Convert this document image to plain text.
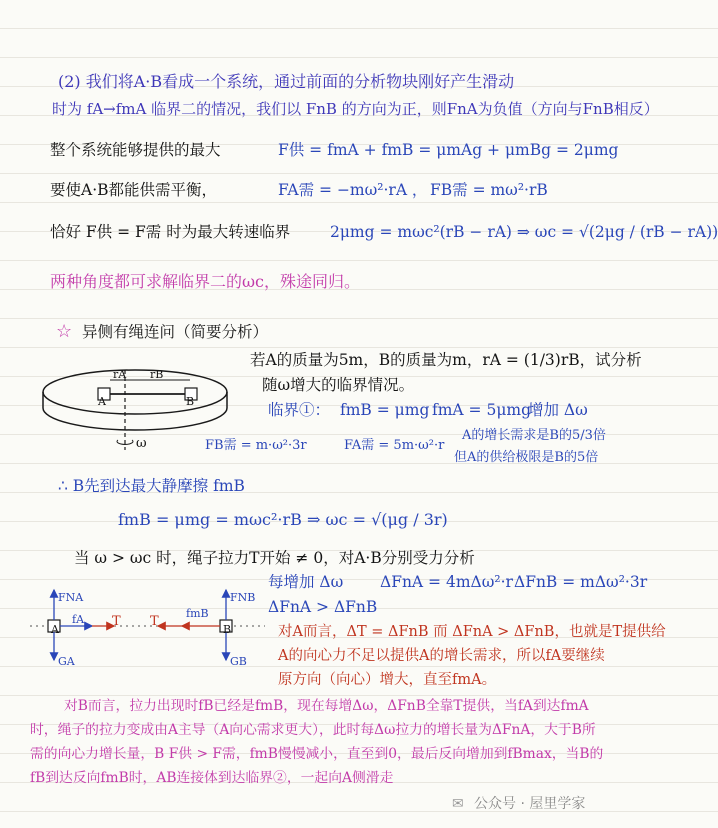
(2) 我们将A·B看成一个系统，通过前面的分析物块刚好产生滑动
时为 fA→fmA 临界二的情况，我们以 FnB 的方向为正，则FnA为负值（方向与FnB相反）
整个系统能够提供的最大	F供 = fmA + fmB = μmAg + μmBg = 2μmg
要使A·B都能供需平衡，	FA需 = −mω²·rA ， FB需 = mω²·rB
恰好 F供 = F需 时为最大转速临界	2μmg = mωc²(rB − rA) ⇒ ωc = √(2μg / (rB − rA))
两种角度都可求解临界二的ωc，殊途同归。
☆ 异侧有绳连问（简要分析）
若A的质量为5m，B的质量为m，rA = (1/3)rB，试分析
随ω增大的临界情况。
A	B
rA rB
ω
临界①： fmB = μmg fmA = 5μmg
增加 Δω
FB需 = m·ω²·3r	FA需 = 5m·ω²·r
A的增长需求是B的5/3倍
但A的供给极限是B的5倍
∴ B先到达最大静摩擦 fmB
fmB = μmg = mωc²·rB ⇒ ωc = √(μg / 3r)
当 ω > ωc 时，绳子拉力T开始 ≠ 0，对A·B分别受力分析
每增加 Δω ΔFnA = 4mΔω²·r ΔFnB = mΔω²·3r
ΔFnA > ΔFnB
A	B
FNA
fA T
GA
T
fmB
FNB
GB
对A而言，ΔT = ΔFnB 而 ΔFnA > ΔFnB，也就是T提供给
A的向心力不足以提供A的增长需求，所以fA要继续
原方向（向心）增大，直至fmA。
对B而言，拉力出现时fB已经是fmB，现在每增Δω，ΔFnB全靠T提供，当fA到达fmA
时，绳子的拉力变成由A主导（A向心需求更大），此时每Δω拉力的增长量为ΔFnA，大于B所
需的向心力增长量，B F供 > F需，fmB慢慢减小，直至到0，最后反向增加到fBmax，当B的
fB到达反向fmB时，AB连接体到达临界②，一起向A侧滑走
✉ 公众号 · 屋里学家
